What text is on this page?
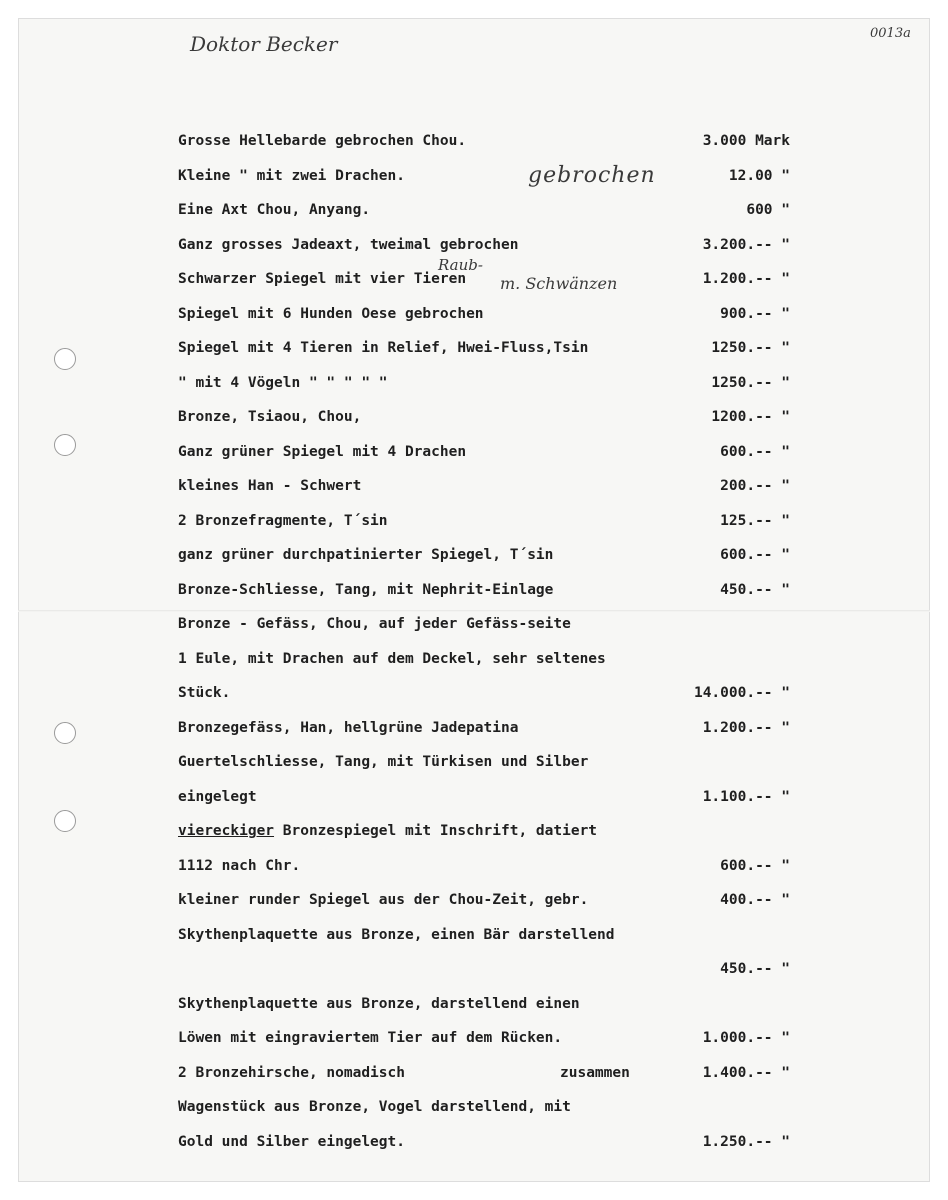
Doktor Becker	0013a
gebrochen
Raub-
m. Schwänzen
Grosse Hellebarde gebrochen Chou.	3.000 Mark
Kleine " mit zwei Drachen.	12.00 "
Eine Axt Chou, Anyang.	600 "
Ganz grosses Jadeaxt, tweimal gebrochen	3.200.-- "
Schwarzer Spiegel mit vier Tieren	1.200.-- "
Spiegel mit 6 Hunden Oese gebrochen	900.-- "
Spiegel mit 4 Tieren in Relief, Hwei-Fluss,Tsin	1250.-- "
" mit 4 Vögeln " " " " "	1250.-- "
Bronze, Tsiaou, Chou,	1200.-- "
Ganz grüner Spiegel mit 4 Drachen	600.-- "
kleines Han - Schwert	200.-- "
2 Bronzefragmente, T´sin	125.-- "
ganz grüner durchpatinierter Spiegel, T´sin	600.-- "
Bronze-Schliesse, Tang, mit Nephrit-Einlage	450.-- "
Bronze - Gefäss, Chou, auf jeder Gefäss-seite
1 Eule, mit Drachen auf dem Deckel, sehr seltenes
Stück.	14.000.-- "
Bronzegefäss, Han, hellgrüne Jadepatina	1.200.-- "
Guertelschliesse, Tang, mit Türkisen und Silber
eingelegt	1.100.-- "
viereckiger Bronzespiegel mit Inschrift, datiert
1112 nach Chr.	600.-- "
kleiner runder Spiegel aus der Chou-Zeit, gebr.	400.-- "
Skythenplaquette aus Bronze, einen Bär darstellend
450.-- "
Skythenplaquette aus Bronze, darstellend einen
Löwen mit eingraviertem Tier auf dem Rücken.	1.000.-- "
2 Bronzehirsche, nomadisch	zusammen	1.400.-- "
Wagenstück aus Bronze, Vogel darstellend, mit
Gold und Silber eingelegt.	1.250.-- "
